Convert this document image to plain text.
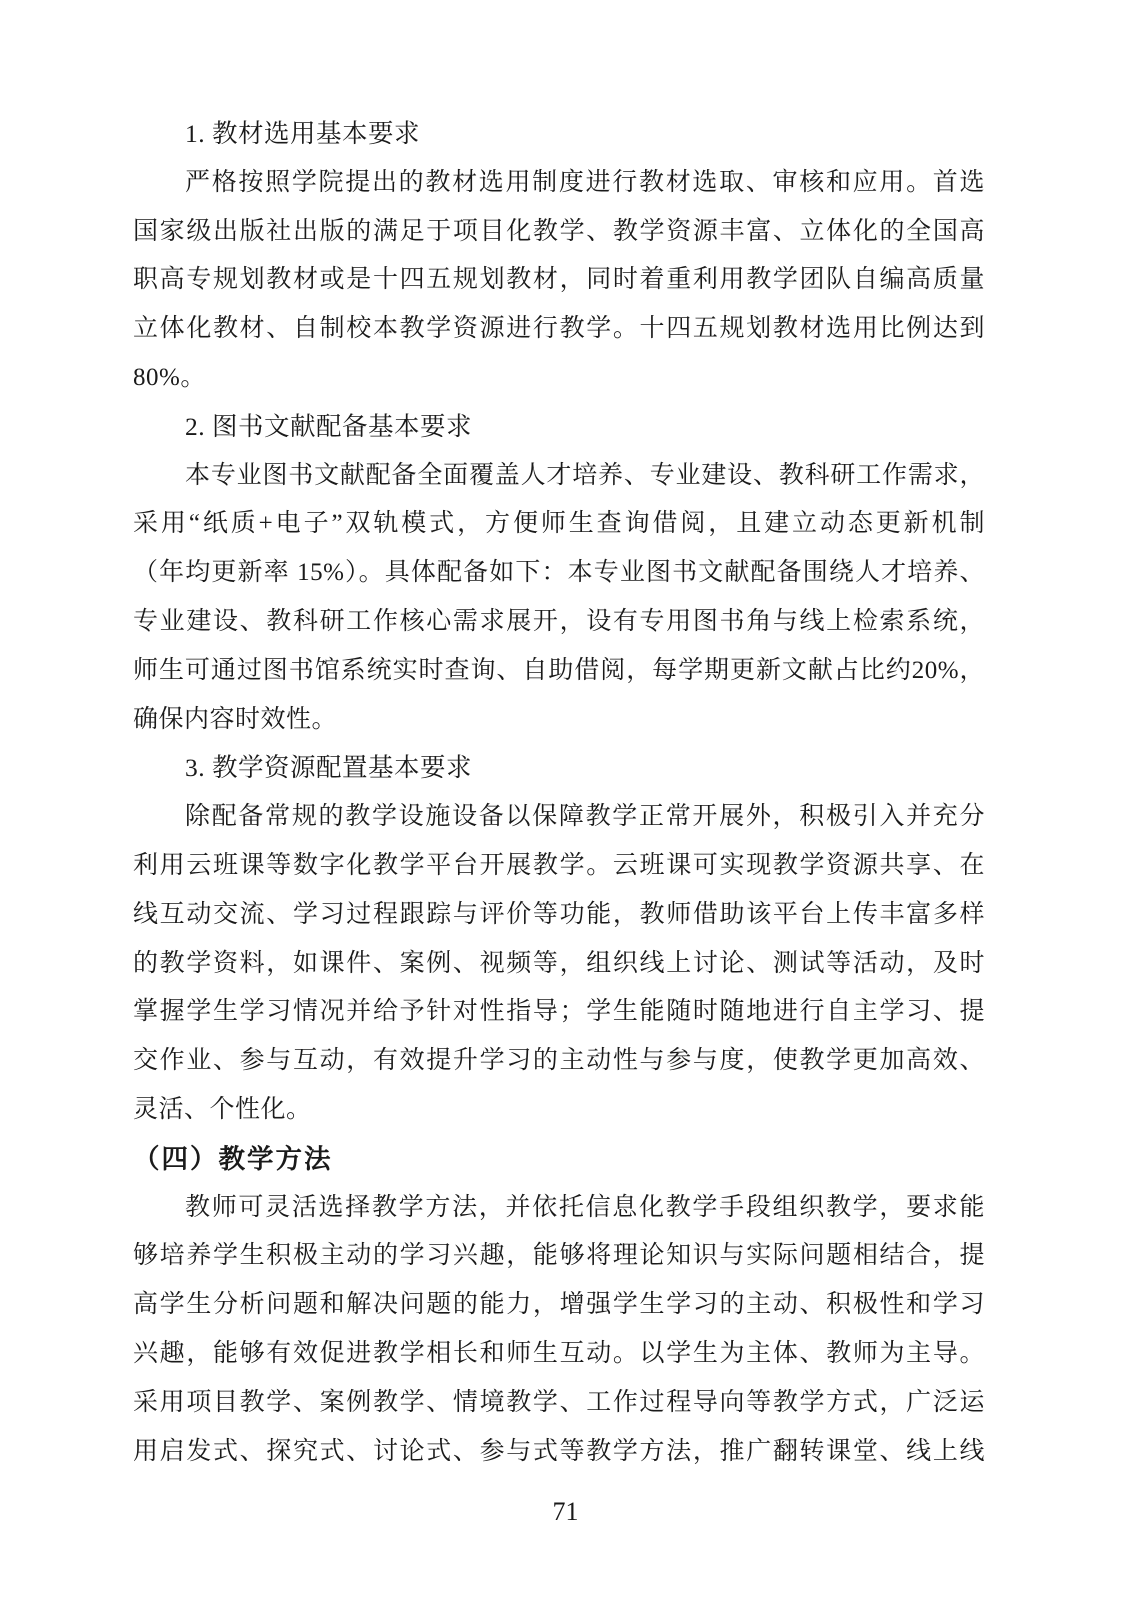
1. 教材选用基本要求
严格按照学院提出的教材选用制度进行教材选取、审核和应用。首选
国家级出版社出版的满足于项目化教学、教学资源丰富、立体化的全国高
职高专规划教材或是十四五规划教材，同时着重利用教学团队自编高质量
立体化教材、自制校本教学资源进行教学。十四五规划教材选用比例达到
80%。
2. 图书文献配备基本要求
本专业图书文献配备全面覆盖人才培养、专业建设、教科研工作需求，
采用“纸质+电子”双轨模式，方便师生查询借阅，且建立动态更新机制
（年均更新率 15%）。具体配备如下：本专业图书文献配备围绕人才培养、
专业建设、教科研工作核心需求展开，设有专用图书角与线上检索系统，
师生可通过图书馆系统实时查询、自助借阅，每学期更新文献占比约20%，
确保内容时效性。
3. 教学资源配置基本要求
除配备常规的教学设施设备以保障教学正常开展外，积极引入并充分
利用云班课等数字化教学平台开展教学。云班课可实现教学资源共享、在
线互动交流、学习过程跟踪与评价等功能，教师借助该平台上传丰富多样
的教学资料，如课件、案例、视频等，组织线上讨论、测试等活动，及时
掌握学生学习情况并给予针对性指导；学生能随时随地进行自主学习、提
交作业、参与互动，有效提升学习的主动性与参与度，使教学更加高效、
灵活、个性化。
（四）教学方法
教师可灵活选择教学方法，并依托信息化教学手段组织教学，要求能
够培养学生积极主动的学习兴趣，能够将理论知识与实际问题相结合，提
高学生分析问题和解决问题的能力，增强学生学习的主动、积极性和学习
兴趣，能够有效促进教学相长和师生互动。以学生为主体、教师为主导。
采用项目教学、案例教学、情境教学、工作过程导向等教学方式，广泛运
用启发式、探究式、讨论式、参与式等教学方法，推广翻转课堂、线上线
71
